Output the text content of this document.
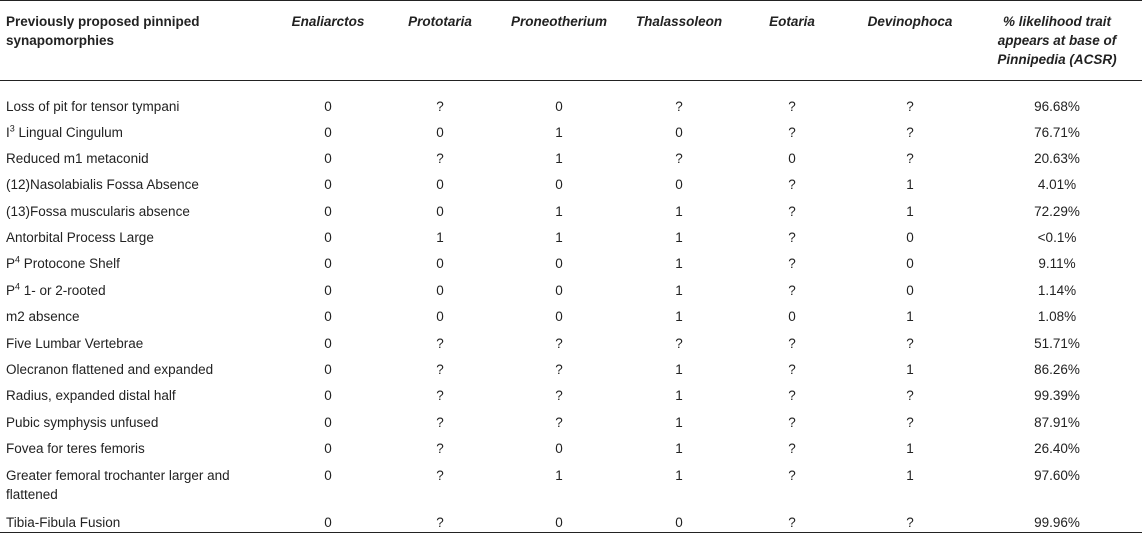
Previously proposed pinniped synapomorphies	Enaliarctos	Prototaria	Proneotherium	Thalassoleon	Eotaria	Devinophoca	% likelihood trait appears at base of Pinnipedia (ACSR)
Loss of pit for tensor tympani	0	?	0	?	?	?	96.68%
$I^3$ Lingual Cingulum	0	0	1	0	?	?	76.71%
Reduced m1 metaconid	0	?	1	?	0	?	20.63%
(12)Nasolabialis Fossa Absence	0	0	0	0	?	1	4.01%
(13)Fossa muscularis absence	0	0	1	1	?	1	72.29%
Antorbital Process Large	0	1	1	1	?	0	<0.1%
$P^4$ Protocone Shelf	0	0	0	1	?	0	9.11%
$P^4$ 1- or 2-rooted	0	0	0	1	?	0	1.14%
m2 absence	0	0	0	1	0	1	1.08%
Five Lumbar Vertebrae	0	?	?	?	?	?	51.71%
Olecranon flattened and expanded	0	?	?	1	?	1	86.26%
Radius, expanded distal half	0	?	?	1	?	?	99.39%
Pubic symphysis unfused	0	?	?	1	?	?	87.91%
Fovea for teres femoris	0	?	0	1	?	1	26.40%
Greater femoral trochanter larger and flattened	0	?	1	1	?	1	97.60%
Tibia-Fibula Fusion	0	?	0	0	?	?	99.96%
